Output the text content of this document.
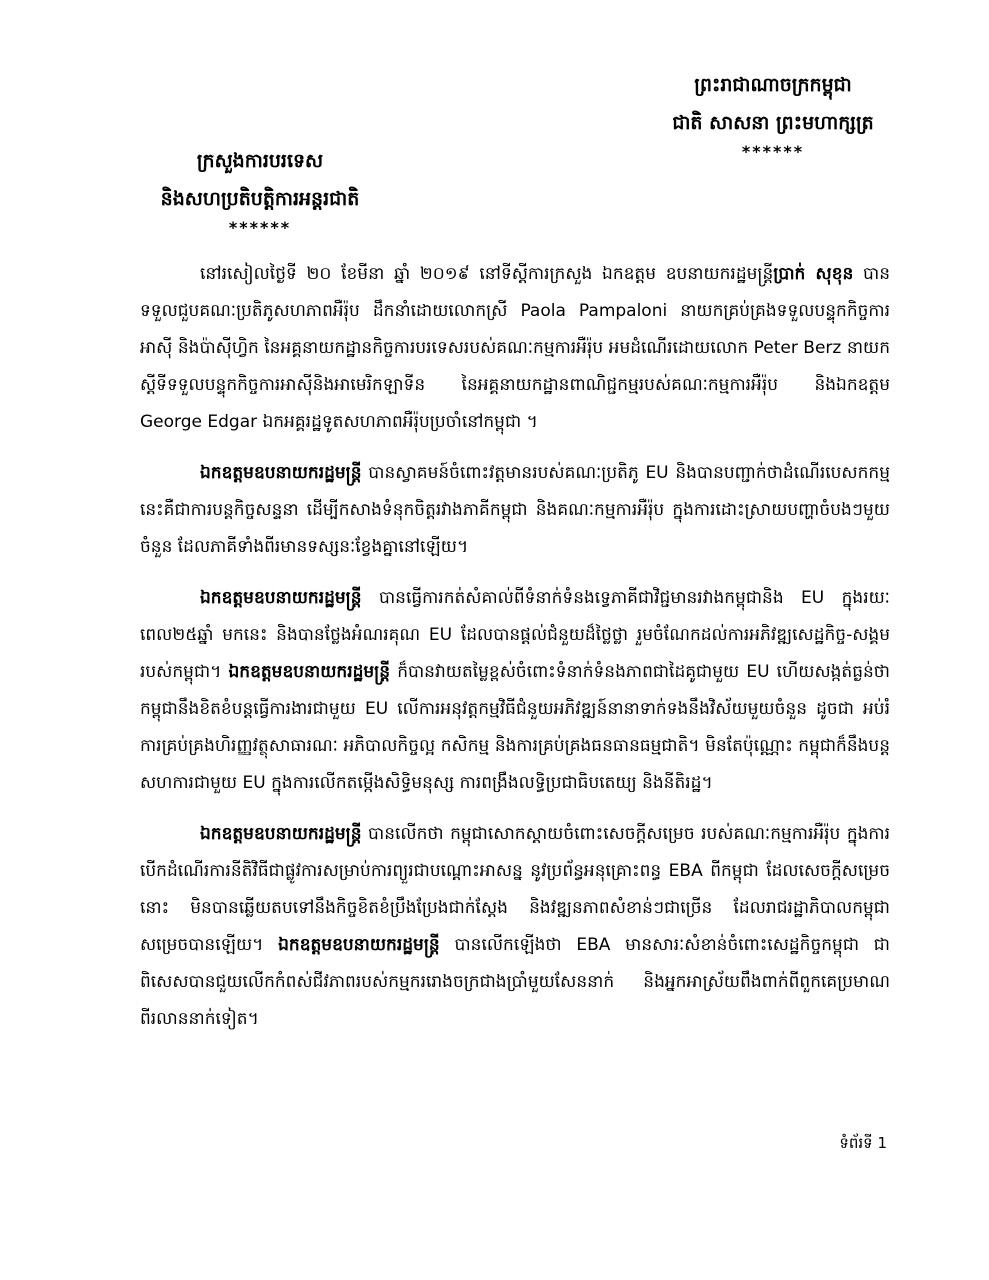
ព្រះរាជាណាចក្រកម្ពុជា
ជាតិ សាសនា ព្រះមហាក្សត្រ
******
ក្រសួងការបរទេស
និងសហប្រតិបត្តិការអន្តរជាតិ
******

នៅរសៀលថ្ងៃទី ២០ ខែមីនា ឆ្នាំ ២០១៩ នៅទីស្តីការក្រសួង ឯកឧត្តម ឧបនាយករដ្ឋមន្ត្រីប្រាក់ សុខុន បានទទួលជួបគណៈប្រតិភូសហភាពអឺរ៉ុប ដឹកនាំដោយលោកស្រី Paola Pampaloni នាយកគ្រប់គ្រងទទួលបន្ទុកកិច្ចការអាស៊ី និងប៉ាស៊ីហ្វិក នៃអគ្គនាយកដ្ឋានកិច្ចការបរទេសរបស់គណៈកម្មការអឺរ៉ុប អមដំណើរដោយលោក Peter Berz នាយកស្តីទីទទួលបន្ទុកកិច្ចការអាស៊ីនិងអាមេរិកឡាទីន នៃអគ្គនាយកដ្ឋានពាណិជ្ជកម្មរបស់គណៈកម្មការអឺរ៉ុប និងឯកឧត្តម George Edgar ឯកអគ្គរដ្ឋទូតសហភាពអឺរ៉ុបប្រចាំនៅកម្ពុជា ។

ឯកឧត្តមឧបនាយករដ្ឋមន្ត្រី បានស្វាគមន៍ចំពោះវត្តមានរបស់គណៈប្រតិភូ EU និងបានបញ្ជាក់ថាដំណើរបេសកកម្មនេះគឺជាការបន្តកិច្ចសន្ទនា ដើម្បីកសាងទំនុកចិត្តរវាងភាគីកម្ពុជា និងគណៈកម្មការអឺរ៉ុប ក្នុងការដោះស្រាយបញ្ហាចំបងៗមួយចំនួន ដែលភាគីទាំងពីរមានទស្សនៈខ្វែងគ្នានៅឡើយ។

ឯកឧត្តមឧបនាយករដ្ឋមន្ត្រី បានធ្វើការកត់សំគាល់ពីទំនាក់ទំនងទ្វេភាគីជាវិជ្ជមានរវាងកម្ពុជានិង EU ក្នុងរយៈពេល២៥ឆ្នាំ មកនេះ និងបានថ្លែងអំណរគុណ EU ដែលបានផ្តល់ជំនួយដ៏ថ្លៃថ្លា រួមចំណែកដល់ការអភិវឌ្ឍសេដ្ឋកិច្ច-សង្គមរបស់កម្ពុជា។ ឯកឧត្តមឧបនាយករដ្ឋមន្ត្រី ក៏បានវាយតម្លៃខ្ពស់ចំពោះទំនាក់ទំនងភាពជាដៃគូជាមួយ EU ហើយសង្កត់ធ្ងន់ថា កម្ពុជានឹងខិតខំបន្តធ្វើការងារជាមួយ EU លើការអនុវត្តកម្មវិធីជំនួយអភិវឌ្ឍន៍នានាទាក់ទងនឹងវិស័យមួយចំនួន ដូចជា អប់រំ ការគ្រប់គ្រងហិរញ្ញវត្ថុសាធារណៈ អភិបាលកិច្ចល្អ កសិកម្ម និងការគ្រប់គ្រងធនធានធម្មជាតិ។ មិនតែប៉ុណ្ណោះ កម្ពុជាក៏នឹងបន្តសហការជាមួយ EU ក្នុងការលើកតម្កើងសិទ្ធិមនុស្ស ការពង្រឹងលទ្ធិប្រជាធិបតេយ្យ និងនីតិរដ្ឋ។

ឯកឧត្តមឧបនាយករដ្ឋមន្ត្រី បានលើកថា កម្ពុជាសោកស្តាយចំពោះសេចក្តីសម្រេច របស់គណៈកម្មការអឺរ៉ុប ក្នុងការបើកដំណើរការនីតិវិធីជាផ្លូវការសម្រាប់ការព្យួរជាបណ្តោះអាសន្ន នូវប្រព័ន្ធអនុគ្រោះពន្ធ EBA ពីកម្ពុជា ដែលសេចក្តីសម្រេចនោះ មិនបានឆ្លើយតបទៅនឹងកិច្ចខិតខំប្រឹងប្រែងជាក់ស្តែង និងវឌ្ឍនភាពសំខាន់ៗជាច្រើន ដែលរាជរដ្ឋាភិបាលកម្ពុជាសម្រេចបានឡើយ។ ឯកឧត្តមឧបនាយករដ្ឋមន្ត្រី បានលើកឡើងថា EBA មានសារៈសំខាន់ចំពោះសេដ្ឋកិច្ចកម្ពុជា ជាពិសេសបានជួយលើកកំពស់ជីវភាពរបស់កម្មកររោងចក្រជាងប្រាំមួយសែននាក់ និងអ្នកអាស្រ័យពឹងពាក់ពីពួកគេប្រមាណពីរលាននាក់ទៀត។

ទំព័រទី 1
